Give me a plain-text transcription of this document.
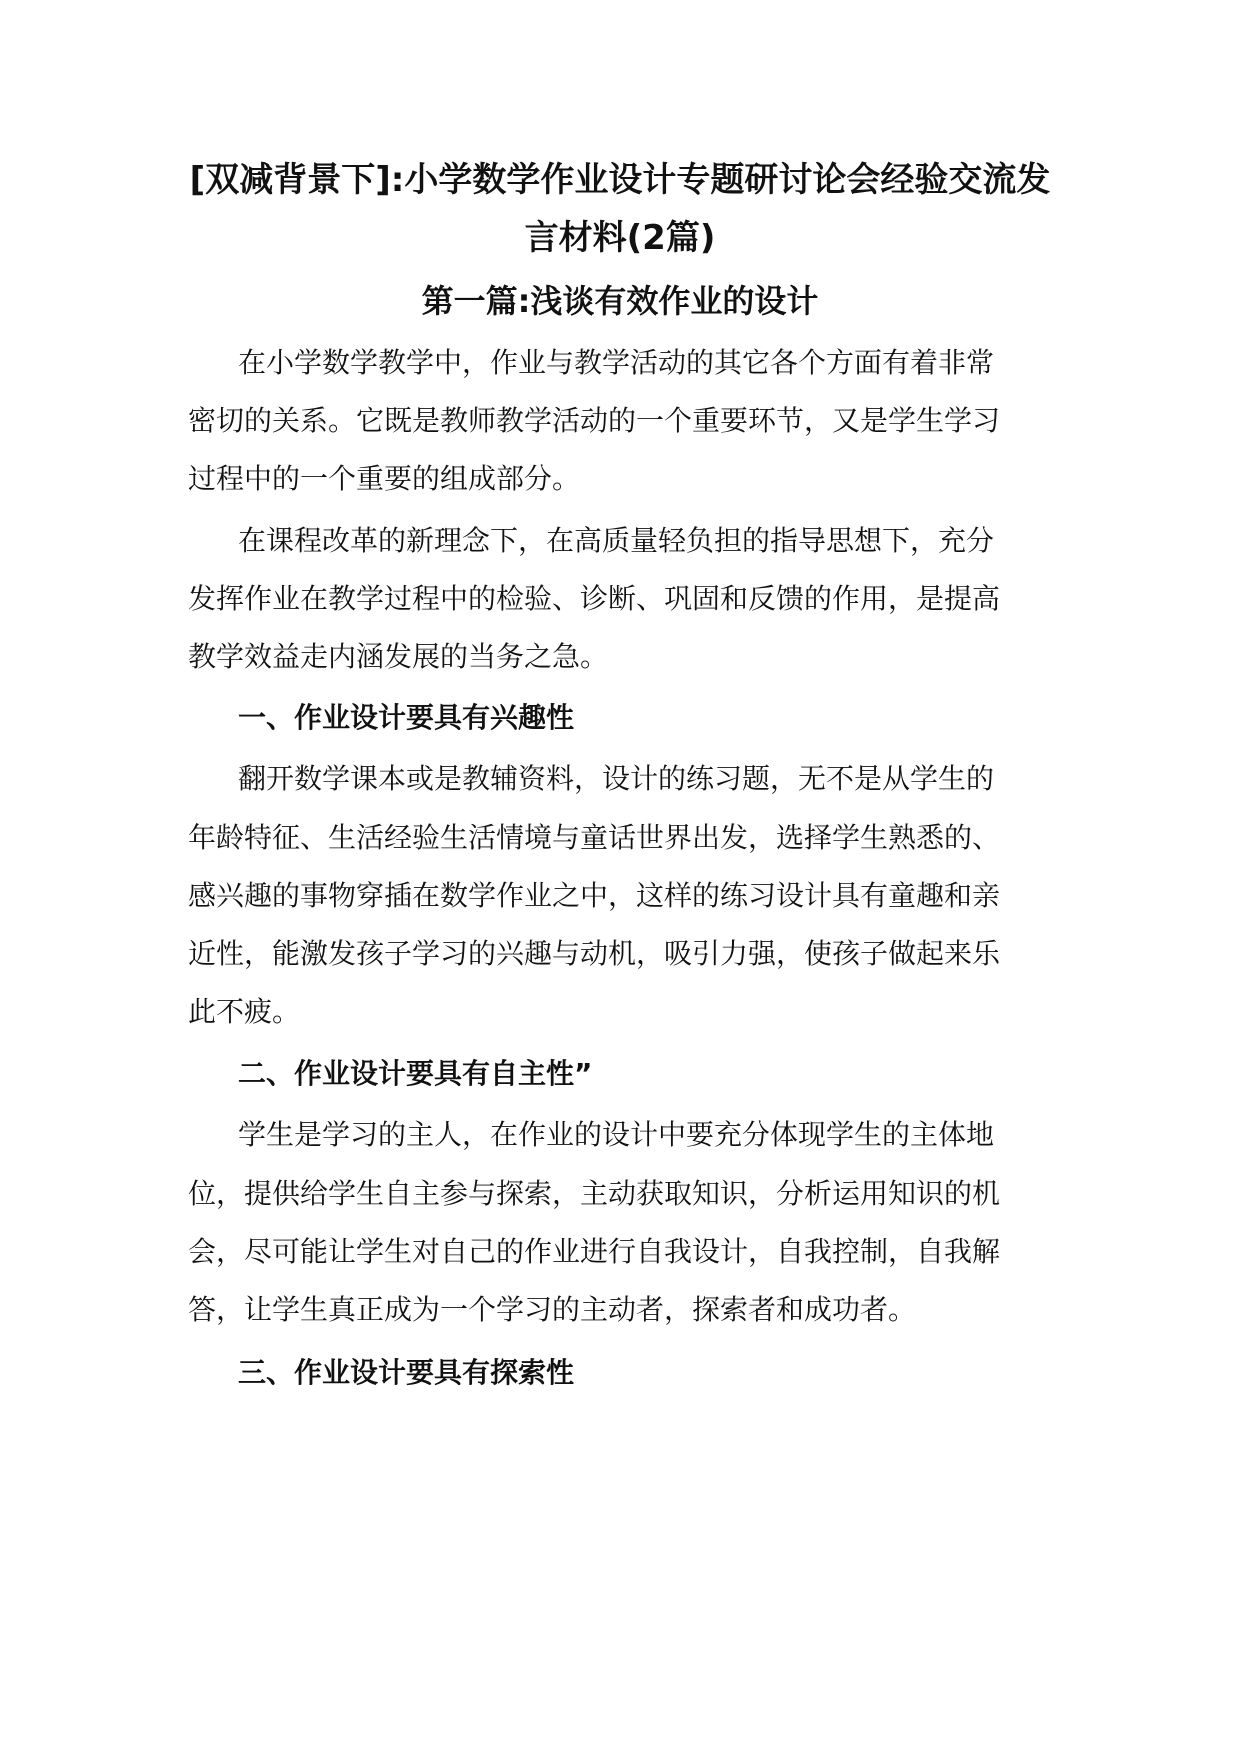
[双减背景下]:小学数学作业设计专题研讨论会经验交流发
言材料(2篇)
第一篇:浅谈有效作业的设计
在小学数学教学中，作业与教学活动的其它各个方面有着非常
密切的关系。它既是教师教学活动的一个重要环节，又是学生学习
过程中的一个重要的组成部分。
在课程改革的新理念下，在高质量轻负担的指导思想下，充分
发挥作业在教学过程中的检验、诊断、巩固和反馈的作用，是提高
教学效益走内涵发展的当务之急。
一、作业设计要具有兴趣性
翻开数学课本或是教辅资料，设计的练习题，无不是从学生的
年龄特征、生活经验生活情境与童话世界出发，选择学生熟悉的、
感兴趣的事物穿插在数学作业之中，这样的练习设计具有童趣和亲
近性，能激发孩子学习的兴趣与动机，吸引力强，使孩子做起来乐
此不疲。
二、作业设计要具有自主性”
学生是学习的主人，在作业的设计中要充分体现学生的主体地
位，提供给学生自主参与探索，主动获取知识，分析运用知识的机
会，尽可能让学生对自己的作业进行自我设计，自我控制，自我解
答，让学生真正成为一个学习的主动者，探索者和成功者。
三、作业设计要具有探索性
